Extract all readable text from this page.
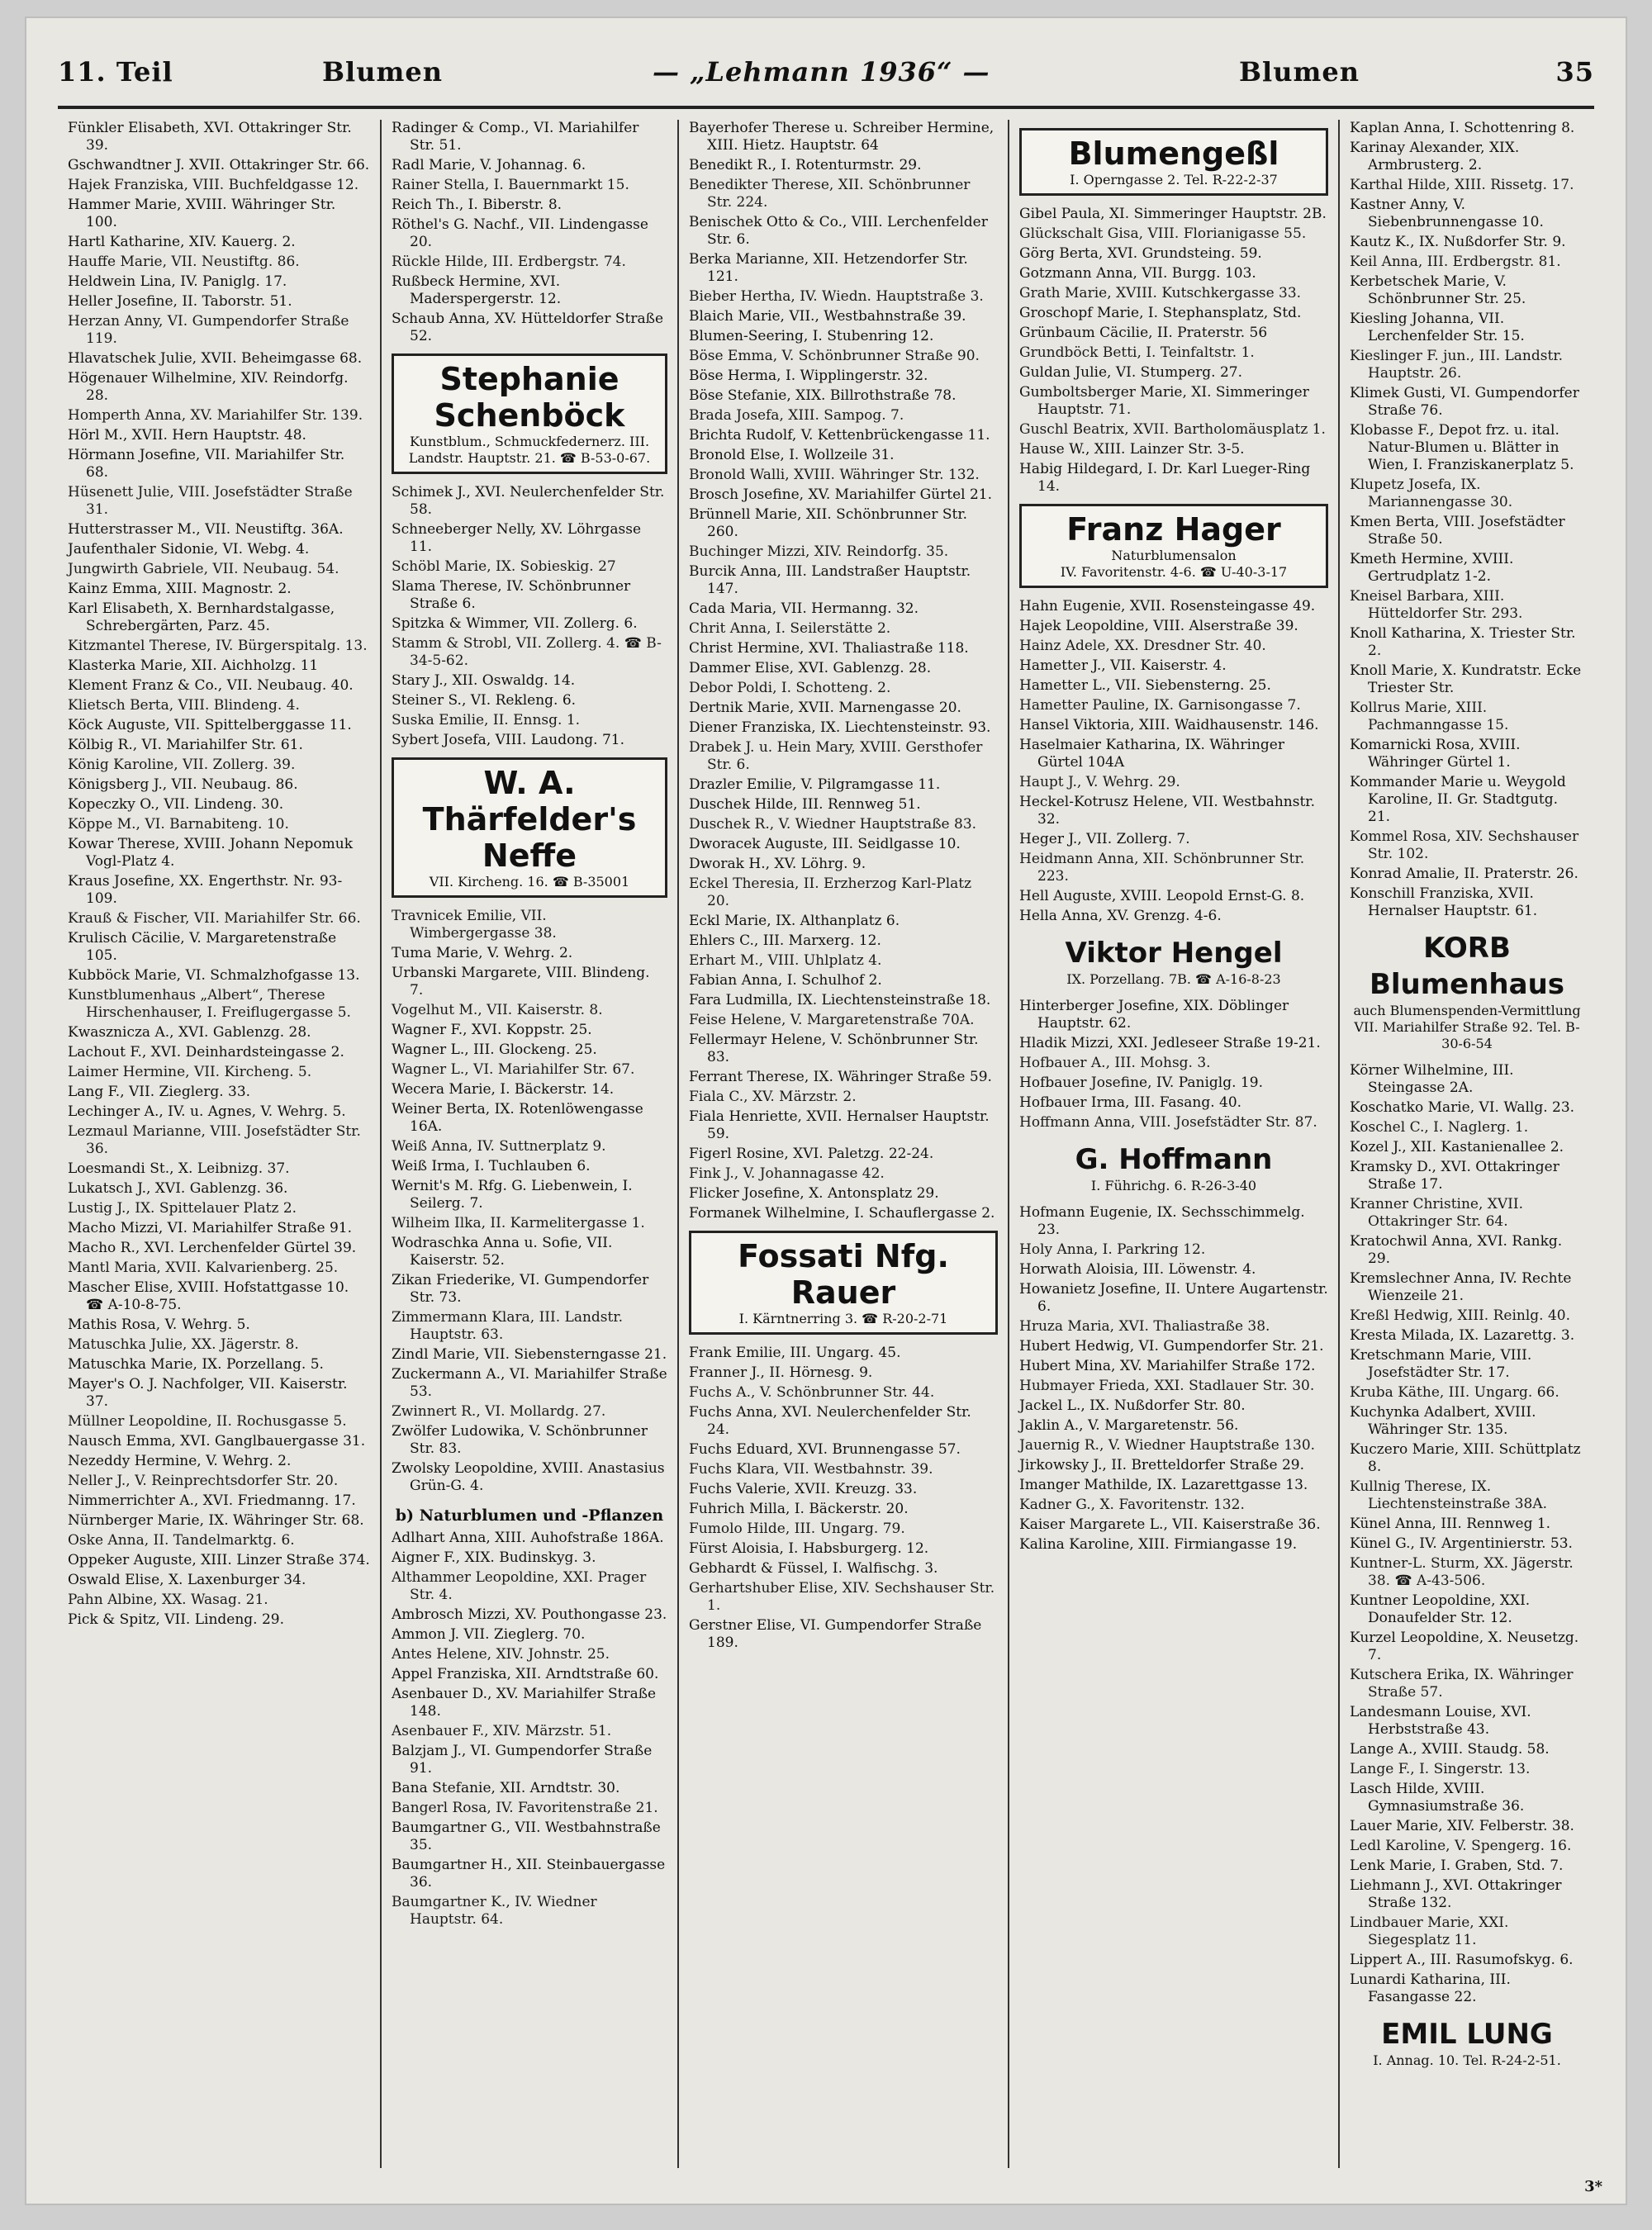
11. Teil	Blumen	— „Lehmann 1936“ —	Blumen	35
Fünkler Elisabeth, XVI. Ottakringer Str. 39.
Gschwandtner J. XVII. Ottakringer Str. 66.
Hajek Franziska, VIII. Buchfeldgasse 12.
Hammer Marie, XVIII. Währinger Str. 100.
Hartl Katharine, XIV. Kauerg. 2.
Hauffe Marie, VII. Neustiftg. 86.
Heldwein Lina, IV. Paniglg. 17.
Heller Josefine, II. Taborstr. 51.
Herzan Anny, VI. Gumpendorfer Straße 119.
Hlavatschek Julie, XVII. Beheimgasse 68.
Högenauer Wilhelmine, XIV. Reindorfg. 28.
Homperth Anna, XV. Mariahilfer Str. 139.
Hörl M., XVII. Hern Hauptstr. 48.
Hörmann Josefine, VII. Mariahilfer Str. 68.
Hüsenett Julie, VIII. Josefstädter Straße 31.
Hutterstrasser M., VII. Neustiftg. 36A.
Jaufenthaler Sidonie, VI. Webg. 4.
Jungwirth Gabriele, VII. Neubaug. 54.
Kainz Emma, XIII. Magnostr. 2.
Karl Elisabeth, X. Bernhardstalgasse, Schrebergärten, Parz. 45.
Kitzmantel Therese, IV. Bürgerspitalg. 13.
Klasterka Marie, XII. Aichholzg. 11
Klement Franz & Co., VII. Neubaug. 40.
Klietsch Berta, VIII. Blindeng. 4.
Köck Auguste, VII. Spittelberggasse 11.
Kölbig R., VI. Mariahilfer Str. 61.
König Karoline, VII. Zollerg. 39.
Königsberg J., VII. Neubaug. 86.
Kopeczky O., VII. Lindeng. 30.
Köppe M., VI. Barnabiteng. 10.
Kowar Therese, XVIII. Johann Nepomuk Vogl-Platz 4.
Kraus Josefine, XX. Engerthstr. Nr. 93-109.
Krauß & Fischer, VII. Mariahilfer Str. 66.
Krulisch Cäcilie, V. Margaretenstraße 105.
Kubböck Marie, VI. Schmalzhofgasse 13.
Kunstblumenhaus „Albert“, Therese Hirschenhauser, I. Freiflugergasse 5.
Kwasznicza A., XVI. Gablenzg. 28.
Lachout F., XVI. Deinhardsteingasse 2.
Laimer Hermine, VII. Kircheng. 5.
Lang F., VII. Zieglerg. 33.
Lechinger A., IV. u. Agnes, V. Wehrg. 5.
Lezmaul Marianne, VIII. Josefstädter Str. 36.
Loesmandi St., X. Leibnizg. 37.
Lukatsch J., XVI. Gablenzg. 36.
Lustig J., IX. Spittelauer Platz 2.
Macho Mizzi, VI. Mariahilfer Straße 91.
Macho R., XVI. Lerchenfelder Gürtel 39.
Mantl Maria, XVII. Kalvarienberg. 25.
Mascher Elise, XVIII. Hofstattgasse 10. ☎ A-10-8-75.
Mathis Rosa, V. Wehrg. 5.
Matuschka Julie, XX. Jägerstr. 8.
Matuschka Marie, IX. Porzellang. 5.
Mayer's O. J. Nachfolger, VII. Kaiserstr. 37.
Müllner Leopoldine, II. Rochusgasse 5.
Nausch Emma, XVI. Ganglbauergasse 31.
Nezeddy Hermine, V. Wehrg. 2.
Neller J., V. Reinprechtsdorfer Str. 20.
Nimmerrichter A., XVI. Friedmanng. 17.
Nürnberger Marie, IX. Währinger Str. 68.
Oske Anna, II. Tandelmarktg. 6.
Oppeker Auguste, XIII. Linzer Straße 374.
Oswald Elise, X. Laxenburger 34.
Pahn Albine, XX. Wasag. 21.
Pick & Spitz, VII. Lindeng. 29.
Radinger & Comp., VI. Mariahilfer Str. 51.
Radl Marie, V. Johannag. 6.
Rainer Stella, I. Bauernmarkt 15.
Reich Th., I. Biberstr. 8.
Röthel's G. Nachf., VII. Lindengasse 20.
Rückle Hilde, III. Erdbergstr. 74.
Rußbeck Hermine, XVI. Maderspergerstr. 12.
Schaub Anna, XV. Hütteldorfer Straße 52.
Stephanie Schenböck
Kunstblum., Schmuckfedernerz. III.
Landstr. Hauptstr. 21. ☎ B-53-0-67.
Schimek J., XVI. Neulerchenfelder Str. 58.
Schneeberger Nelly, XV. Löhrgasse 11.
Schöbl Marie, IX. Sobieskig. 27
Slama Therese, IV. Schönbrunner Straße 6.
Spitzka & Wimmer, VII. Zollerg. 6.
Stamm & Strobl, VII. Zollerg. 4. ☎ B-34-5-62.
Stary J., XII. Oswaldg. 14.
Steiner S., VI. Rekleng. 6.
Suska Emilie, II. Ennsg. 1.
Sybert Josefa, VIII. Laudong. 71.
W. A. Thärfelder's Neffe
VII. Kircheng. 16. ☎ B-35001
Travnicek Emilie, VII. Wimbergergasse 38.
Tuma Marie, V. Wehrg. 2.
Urbanski Margarete, VIII. Blindeng. 7.
Vogelhut M., VII. Kaiserstr. 8.
Wagner F., XVI. Koppstr. 25.
Wagner L., III. Glockeng. 25.
Wagner L., VI. Mariahilfer Str. 67.
Wecera Marie, I. Bäckerstr. 14.
Weiner Berta, IX. Rotenlöwengasse 16A.
Weiß Anna, IV. Suttnerplatz 9.
Weiß Irma, I. Tuchlauben 6.
Wernit's M. Rfg. G. Liebenwein, I. Seilerg. 7.
Wilheim Ilka, II. Karmelitergasse 1.
Wodraschka Anna u. Sofie, VII. Kaiserstr. 52.
Zikan Friederike, VI. Gumpendorfer Str. 73.
Zimmermann Klara, III. Landstr. Hauptstr. 63.
Zindl Marie, VII. Siebensterngasse 21.
Zuckermann A., VI. Mariahilfer Straße 53.
Zwinnert R., VI. Mollardg. 27.
Zwölfer Ludowika, V. Schönbrunner Str. 83.
Zwolsky Leopoldine, XVIII. Anastasius Grün-G. 4.
b) Naturblumen und -Pflanzen
Adlhart Anna, XIII. Auhofstraße 186A.
Aigner F., XIX. Budinskyg. 3.
Althammer Leopoldine, XXI. Prager Str. 4.
Ambrosch Mizzi, XV. Pouthongasse 23.
Ammon J. VII. Zieglerg. 70.
Antes Helene, XIV. Johnstr. 25.
Appel Franziska, XII. Arndtstraße 60.
Asenbauer D., XV. Mariahilfer Straße 148.
Asenbauer F., XIV. Märzstr. 51.
Balzjam J., VI. Gumpendorfer Straße 91.
Bana Stefanie, XII. Arndtstr. 30.
Bangerl Rosa, IV. Favoritenstraße 21.
Baumgartner G., VII. Westbahnstraße 35.
Baumgartner H., XII. Steinbauergasse 36.
Baumgartner K., IV. Wiedner Hauptstr. 64.
Bayerhofer Therese u. Schreiber Hermine, XIII. Hietz. Hauptstr. 64
Benedikt R., I. Rotenturmstr. 29.
Benedikter Therese, XII. Schönbrunner Str. 224.
Benischek Otto & Co., VIII. Lerchenfelder Str. 6.
Berka Marianne, XII. Hetzendorfer Str. 121.
Bieber Hertha, IV. Wiedn. Hauptstraße 3.
Blaich Marie, VII., Westbahnstraße 39.
Blumen-Seering, I. Stubenring 12.
Böse Emma, V. Schönbrunner Straße 90.
Böse Herma, I. Wipplingerstr. 32.
Böse Stefanie, XIX. Billrothstraße 78.
Brada Josefa, XIII. Sampog. 7.
Brichta Rudolf, V. Kettenbrückengasse 11.
Bronold Else, I. Wollzeile 31.
Bronold Walli, XVIII. Währinger Str. 132.
Brosch Josefine, XV. Mariahilfer Gürtel 21.
Brünnell Marie, XII. Schönbrunner Str. 260.
Buchinger Mizzi, XIV. Reindorfg. 35.
Burcik Anna, III. Landstraßer Hauptstr. 147.
Cada Maria, VII. Hermanng. 32.
Chrit Anna, I. Seilerstätte 2.
Christ Hermine, XVI. Thaliastraße 118.
Dammer Elise, XVI. Gablenzg. 28.
Debor Poldi, I. Schotteng. 2.
Dertnik Marie, XVII. Marnengasse 20.
Diener Franziska, IX. Liechtensteinstr. 93.
Drabek J. u. Hein Mary, XVIII. Gersthofer Str. 6.
Drazler Emilie, V. Pilgramgasse 11.
Duschek Hilde, III. Rennweg 51.
Duschek R., V. Wiedner Hauptstraße 83.
Dworacek Auguste, III. Seidlgasse 10.
Dworak H., XV. Löhrg. 9.
Eckel Theresia, II. Erzherzog Karl-Platz 20.
Eckl Marie, IX. Althanplatz 6.
Ehlers C., III. Marxerg. 12.
Erhart M., VIII. Uhlplatz 4.
Fabian Anna, I. Schulhof 2.
Fara Ludmilla, IX. Liechtensteinstraße 18.
Feise Helene, V. Margaretenstraße 70A.
Fellermayr Helene, V. Schönbrunner Str. 83.
Ferrant Therese, IX. Währinger Straße 59.
Fiala C., XV. Märzstr. 2.
Fiala Henriette, XVII. Hernalser Hauptstr. 59.
Figerl Rosine, XVI. Paletzg. 22-24.
Fink J., V. Johannagasse 42.
Flicker Josefine, X. Antonsplatz 29.
Formanek Wilhelmine, I. Schauflergasse 2.
Fossati Nfg. Rauer
I. Kärntnerring 3. ☎ R-20-2-71
Frank Emilie, III. Ungarg. 45.
Franner J., II. Hörnesg. 9.
Fuchs A., V. Schönbrunner Str. 44.
Fuchs Anna, XVI. Neulerchenfelder Str. 24.
Fuchs Eduard, XVI. Brunnengasse 57.
Fuchs Klara, VII. Westbahnstr. 39.
Fuchs Valerie, XVII. Kreuzg. 33.
Fuhrich Milla, I. Bäckerstr. 20.
Fumolo Hilde, III. Ungarg. 79.
Fürst Aloisia, I. Habsburgerg. 12.
Gebhardt & Füssel, I. Walfischg. 3.
Gerhartshuber Elise, XIV. Sechshauser Str. 1.
Gerstner Elise, VI. Gumpendorfer Straße 189.
Blumengeßl
I. Operngasse 2. Tel. R-22-2-37
Gibel Paula, XI. Simmeringer Hauptstr. 2B.
Glückschalt Gisa, VIII. Florianigasse 55.
Görg Berta, XVI. Grundsteing. 59.
Gotzmann Anna, VII. Burgg. 103.
Grath Marie, XVIII. Kutschkergasse 33.
Groschopf Marie, I. Stephansplatz, Std.
Grünbaum Cäcilie, II. Praterstr. 56
Grundböck Betti, I. Teinfaltstr. 1.
Guldan Julie, VI. Stumperg. 27.
Gumboltsberger Marie, XI. Simmeringer Hauptstr. 71.
Guschl Beatrix, XVII. Bartholomäusplatz 1.
Hause W., XIII. Lainzer Str. 3-5.
Habig Hildegard, I. Dr. Karl Lueger-Ring 14.
Franz Hager
Naturblumensalon
IV. Favoritenstr. 4-6. ☎ U-40-3-17
Hahn Eugenie, XVII. Rosensteingasse 49.
Hajek Leopoldine, VIII. Alserstraße 39.
Hainz Adele, XX. Dresdner Str. 40.
Hametter J., VII. Kaiserstr. 4.
Hametter L., VII. Siebensterng. 25.
Hametter Pauline, IX. Garnisongasse 7.
Hansel Viktoria, XIII. Waidhausenstr. 146.
Haselmaier Katharina, IX. Währinger Gürtel 104A
Haupt J., V. Wehrg. 29.
Heckel-Kotrusz Helene, VII. Westbahnstr. 32.
Heger J., VII. Zollerg. 7.
Heidmann Anna, XII. Schönbrunner Str. 223.
Hell Auguste, XVIII. Leopold Ernst-G. 8.
Hella Anna, XV. Grenzg. 4-6.
Viktor Hengel
IX. Porzellang. 7B. ☎ A-16-8-23
Hinterberger Josefine, XIX. Döblinger Hauptstr. 62.
Hladik Mizzi, XXI. Jedleseer Straße 19-21.
Hofbauer A., III. Mohsg. 3.
Hofbauer Josefine, IV. Paniglg. 19.
Hofbauer Irma, III. Fasang. 40.
Hoffmann Anna, VIII. Josefstädter Str. 87.
G. Hoffmann
I. Führichg. 6. R-26-3-40
Hofmann Eugenie, IX. Sechsschimmelg. 23.
Holy Anna, I. Parkring 12.
Horwath Aloisia, III. Löwenstr. 4.
Howanietz Josefine, II. Untere Augartenstr. 6.
Hruza Maria, XVI. Thaliastraße 38.
Hubert Hedwig, VI. Gumpendorfer Str. 21.
Hubert Mina, XV. Mariahilfer Straße 172.
Hubmayer Frieda, XXI. Stadlauer Str. 30.
Jackel L., IX. Nußdorfer Str. 80.
Jaklin A., V. Margaretenstr. 56.
Jauernig R., V. Wiedner Hauptstraße 130.
Jirkowsky J., II. Bretteldorfer Straße 29.
Imanger Mathilde, IX. Lazarettgasse 13.
Kadner G., X. Favoritenstr. 132.
Kaiser Margarete L., VII. Kaiserstraße 36.
Kalina Karoline, XIII. Firmiangasse 19.
Kaplan Anna, I. Schottenring 8.
Karinay Alexander, XIX. Armbrusterg. 2.
Karthal Hilde, XIII. Rissetg. 17.
Kastner Anny, V. Siebenbrunnengasse 10.
Kautz K., IX. Nußdorfer Str. 9.
Keil Anna, III. Erdbergstr. 81.
Kerbetschek Marie, V. Schönbrunner Str. 25.
Kiesling Johanna, VII. Lerchenfelder Str. 15.
Kieslinger F. jun., III. Landstr. Hauptstr. 26.
Klimek Gusti, VI. Gumpendorfer Straße 76.
Klobasse F., Depot frz. u. ital. Natur-Blumen u. Blätter in Wien, I. Franziskanerplatz 5.
Klupetz Josefa, IX. Mariannengasse 30.
Kmen Berta, VIII. Josefstädter Straße 50.
Kmeth Hermine, XVIII. Gertrudplatz 1-2.
Kneisel Barbara, XIII. Hütteldorfer Str. 293.
Knoll Katharina, X. Triester Str. 2.
Knoll Marie, X. Kundratstr. Ecke Triester Str.
Kollrus Marie, XIII. Pachmanngasse 15.
Komarnicki Rosa, XVIII. Währinger Gürtel 1.
Kommander Marie u. Weygold Karoline, II. Gr. Stadtgutg. 21.
Kommel Rosa, XIV. Sechshauser Str. 102.
Konrad Amalie, II. Praterstr. 26.
Konschill Franziska, XVII. Hernalser Hauptstr. 61.
KORB Blumenhaus
auch Blumenspenden-Vermittlung
VII. Mariahilfer Straße 92. Tel. B-30-6-54
Körner Wilhelmine, III. Steingasse 2A.
Koschatko Marie, VI. Wallg. 23.
Koschel C., I. Naglerg. 1.
Kozel J., XII. Kastanienallee 2.
Kramsky D., XVI. Ottakringer Straße 17.
Kranner Christine, XVII. Ottakringer Str. 64.
Kratochwil Anna, XVI. Rankg. 29.
Kremslechner Anna, IV. Rechte Wienzeile 21.
Kreßl Hedwig, XIII. Reinlg. 40.
Kresta Milada, IX. Lazarettg. 3.
Kretschmann Marie, VIII. Josefstädter Str. 17.
Kruba Käthe, III. Ungarg. 66.
Kuchynka Adalbert, XVIII. Währinger Str. 135.
Kuczero Marie, XIII. Schüttplatz 8.
Kullnig Therese, IX. Liechtensteinstraße 38A.
Künel Anna, III. Rennweg 1.
Künel G., IV. Argentinierstr. 53.
Kuntner-L. Sturm, XX. Jägerstr. 38. ☎ A-43-506.
Kuntner Leopoldine, XXI. Donaufelder Str. 12.
Kurzel Leopoldine, X. Neusetzg. 7.
Kutschera Erika, IX. Währinger Straße 57.
Landesmann Louise, XVI. Herbststraße 43.
Lange A., XVIII. Staudg. 58.
Lange F., I. Singerstr. 13.
Lasch Hilde, XVIII. Gymnasiumstraße 36.
Lauer Marie, XIV. Felberstr. 38.
Ledl Karoline, V. Spengerg. 16.
Lenk Marie, I. Graben, Std. 7.
Liehmann J., XVI. Ottakringer Straße 132.
Lindbauer Marie, XXI. Siegesplatz 11.
Lippert A., III. Rasumofskyg. 6.
Lunardi Katharina, III. Fasangasse 22.
EMIL LUNG
I. Annag. 10. Tel. R-24-2-51.
3*
